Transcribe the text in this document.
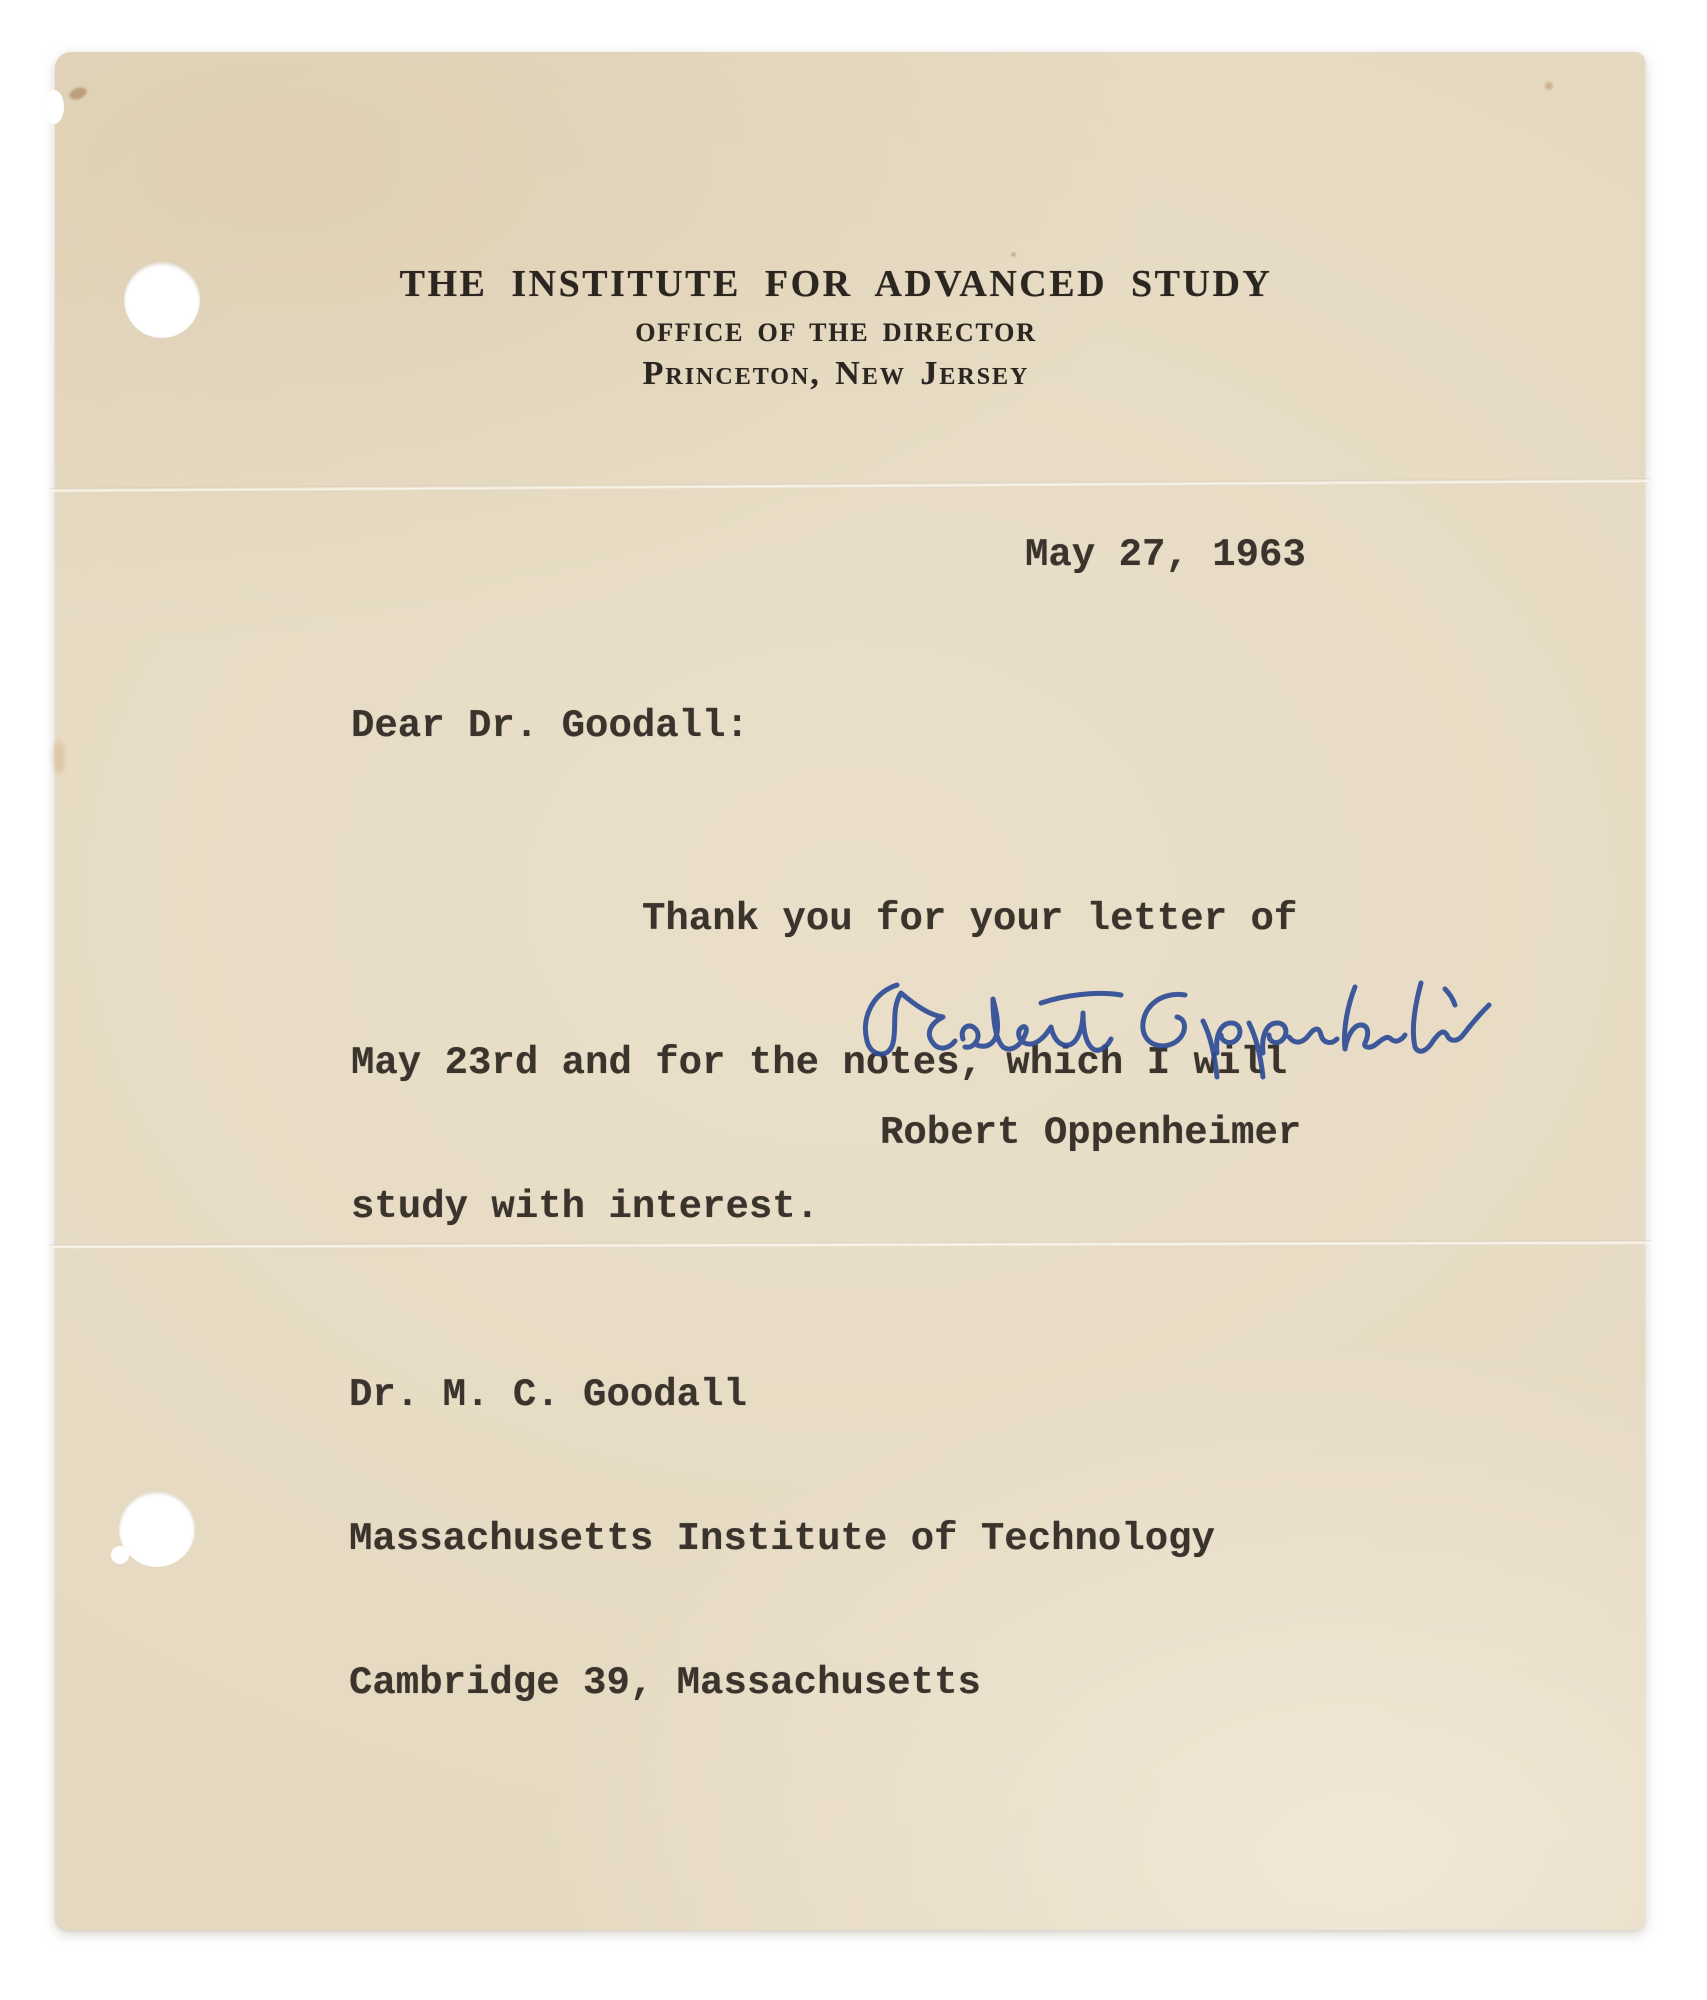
THE INSTITUTE FOR ADVANCED STUDY
OFFICE OF THE DIRECTOR
Princeton, New Jersey
May 27, 1963
Dear Dr. Goodall:

Thank you for your letter of

May 23rd and for the notes, which I will

study with interest.

Robert Oppenheimer

Dr. M. C. Goodall

Massachusetts Institute of Technology

Cambridge 39, Massachusetts
